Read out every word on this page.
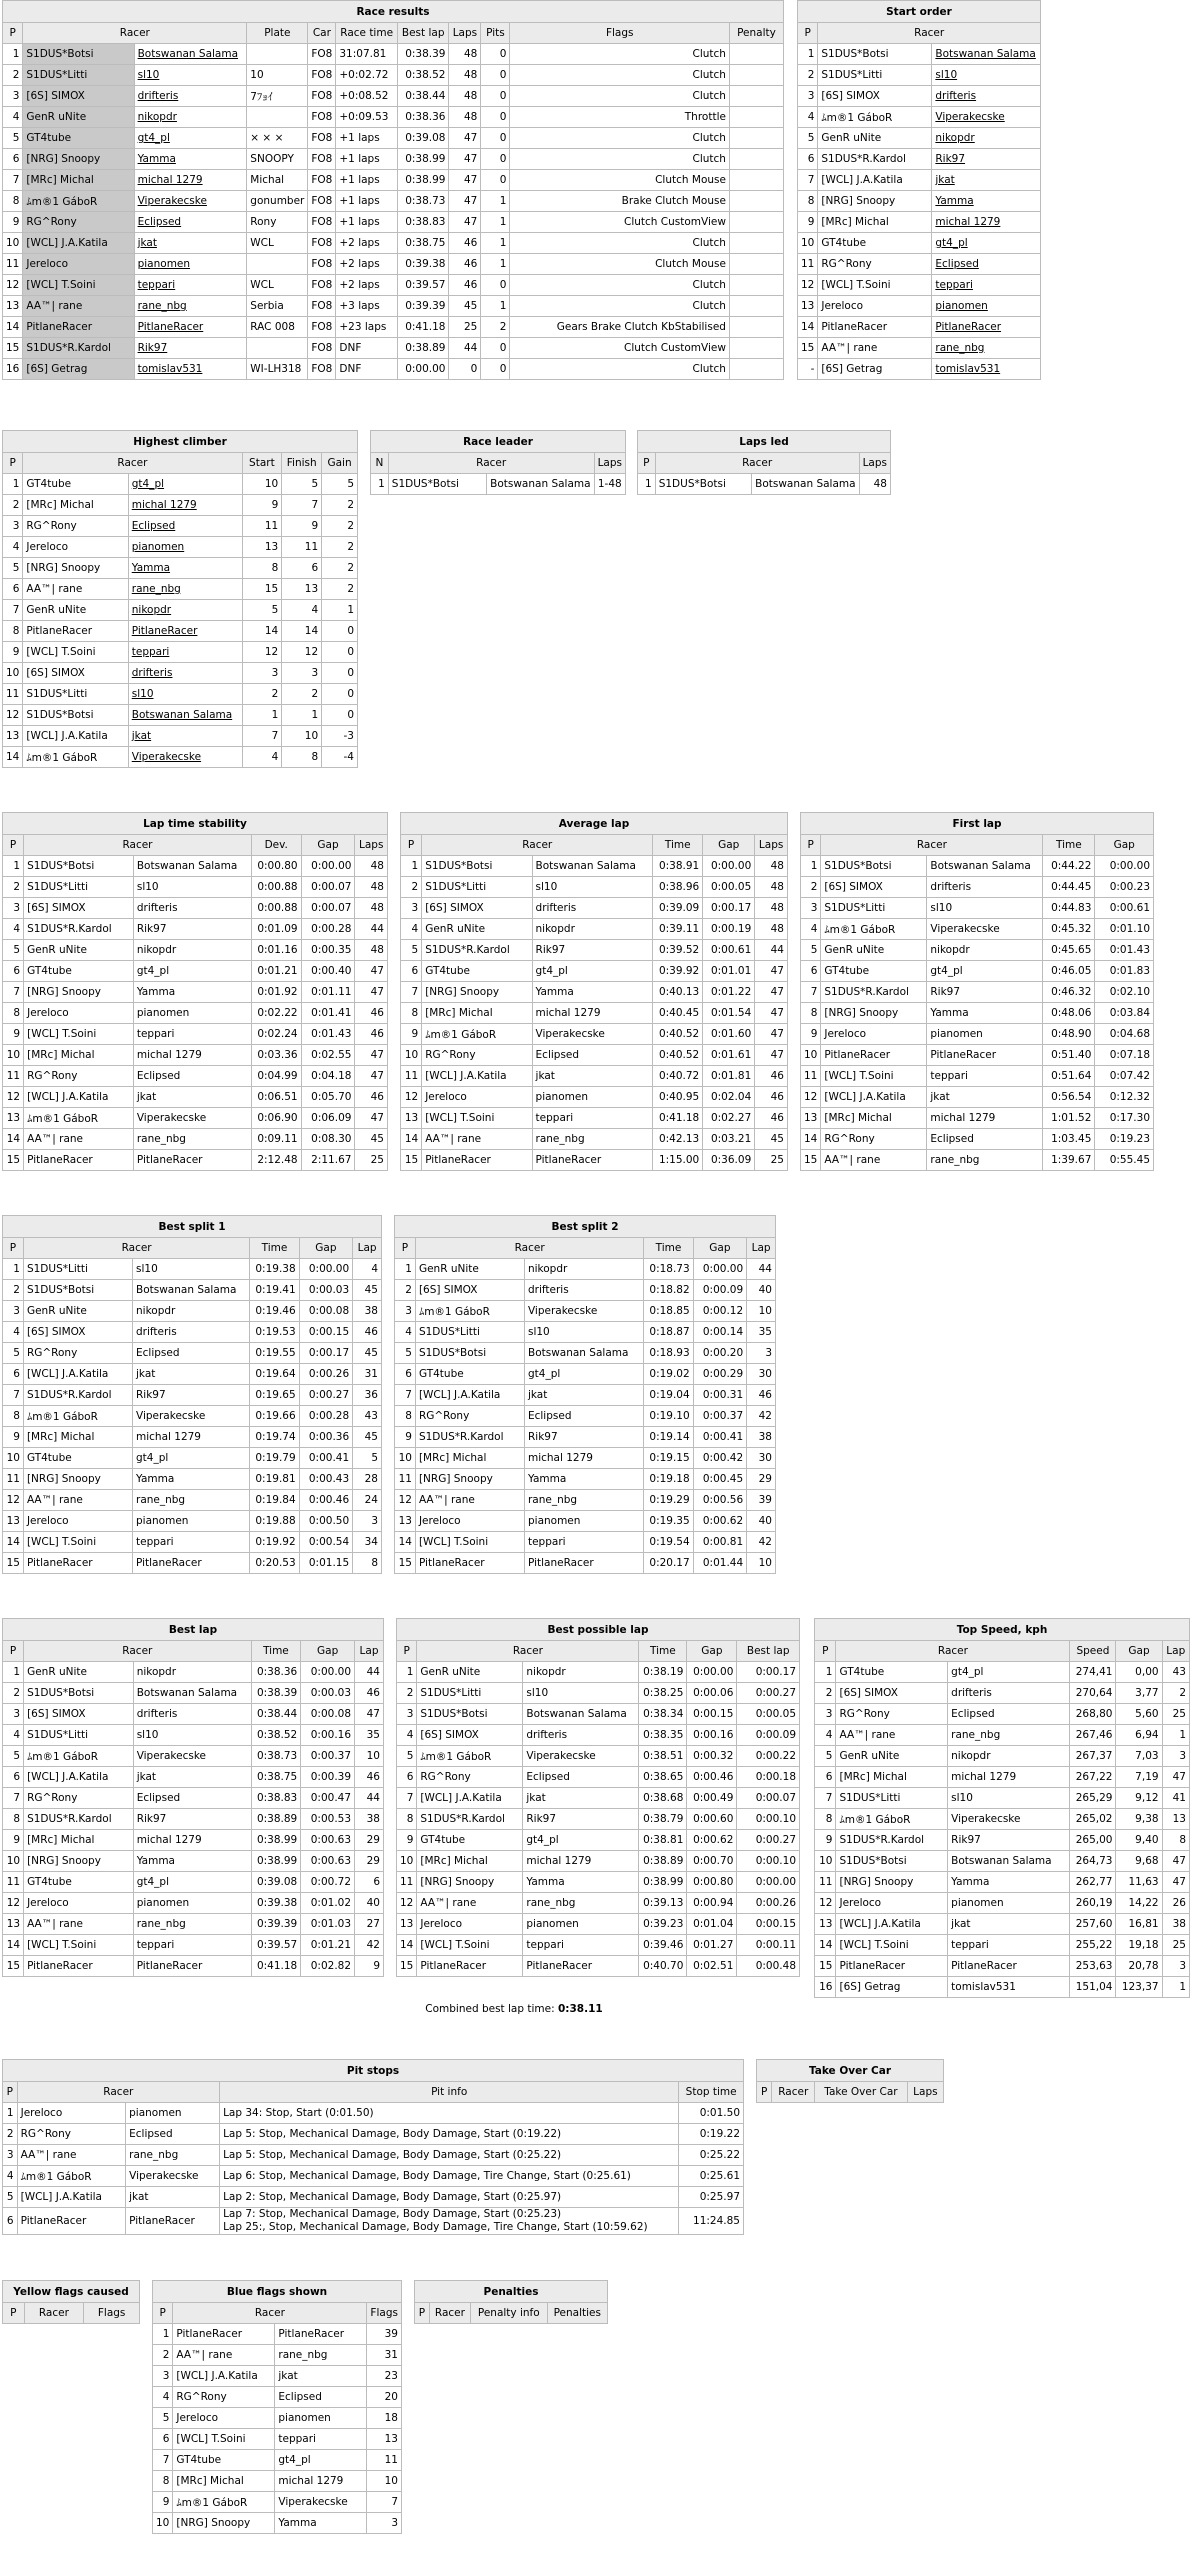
Race results										
P	Racer		Plate	Car	Race time	Best lap	Laps	Pits	Flags	Penalty
1	S1DUS*Botsi	Botswanan Salama		FO8	31:07.81	0:38.39	48	0	Clutch	
2	S1DUS*Litti	sl10	10	FO8	+0:02.72	0:38.52	48	0	Clutch	
3	[6S] SIMOX	drifteris	7ﾌｮｲ	FO8	+0:08.52	0:38.44	48	0	Clutch	
4	GenR uNite	nikopdr		FO8	+0:09.53	0:38.36	48	0	Throttle	
5	GT4tube	gt4_pl	× × ×	FO8	+1 laps	0:39.08	47	0	Clutch	
6	[NRG] Snoopy	Yamma	SNOOPY	FO8	+1 laps	0:38.99	47	0	Clutch	
7	[MRc] Michal	michal 1279	Michal	FO8	+1 laps	0:38.99	47	0	Clutch Mouse	
8	ﾑm®1 GáboR	Viperakecske	gonumber	FO8	+1 laps	0:38.73	47	1	Brake Clutch Mouse	
9	RG^Rony	Eclipsed	Rony	FO8	+1 laps	0:38.83	47	1	Clutch CustomView	
10	[WCL] J.A.Katila	jkat	WCL	FO8	+2 laps	0:38.75	46	1	Clutch	
11	Jereloco	pianomen		FO8	+2 laps	0:39.38	46	1	Clutch Mouse	
12	[WCL] T.Soini	teppari	WCL	FO8	+2 laps	0:39.57	46	0	Clutch	
13	AA™| rane	rane_nbg	Serbia	FO8	+3 laps	0:39.39	45	1	Clutch	
14	PitlaneRacer	PitlaneRacer	RAC 008	FO8	+23 laps	0:41.18	25	2	Gears Brake Clutch KbStabilised	
15	S1DUS*R.Kardol	Rik97		FO8	DNF	0:38.89	44	0	Clutch CustomView	
16	[6S] Getrag	tomislav531	WI-LH318	FO8	DNF	0:00.00	0	0	Clutch	
Start order		
P	Racer	
1	S1DUS*Botsi	Botswanan Salama
2	S1DUS*Litti	sl10
3	[6S] SIMOX	drifteris
4	ﾑm®1 GáboR	Viperakecske
5	GenR uNite	nikopdr
6	S1DUS*R.Kardol	Rik97
7	[WCL] J.A.Katila	jkat
8	[NRG] Snoopy	Yamma
9	[MRc] Michal	michal 1279
10	GT4tube	gt4_pl
11	RG^Rony	Eclipsed
12	[WCL] T.Soini	teppari
13	Jereloco	pianomen
14	PitlaneRacer	PitlaneRacer
15	AA™| rane	rane_nbg
-	[6S] Getrag	tomislav531
Highest climber					
P	Racer		Start	Finish	Gain
1	GT4tube	gt4_pl	10	5	5
2	[MRc] Michal	michal 1279	9	7	2
3	RG^Rony	Eclipsed	11	9	2
4	Jereloco	pianomen	13	11	2
5	[NRG] Snoopy	Yamma	8	6	2
6	AA™| rane	rane_nbg	15	13	2
7	GenR uNite	nikopdr	5	4	1
8	PitlaneRacer	PitlaneRacer	14	14	0
9	[WCL] T.Soini	teppari	12	12	0
10	[6S] SIMOX	drifteris	3	3	0
11	S1DUS*Litti	sl10	2	2	0
12	S1DUS*Botsi	Botswanan Salama	1	1	0
13	[WCL] J.A.Katila	jkat	7	10	-3
14	ﾑm®1 GáboR	Viperakecske	4	8	-4
Race leader			
N	Racer		Laps
1	S1DUS*Botsi	Botswanan Salama	1-48
Laps led			
P	Racer		Laps
1	S1DUS*Botsi	Botswanan Salama	48
Lap time stability					
P	Racer		Dev.	Gap	Laps
1	S1DUS*Botsi	Botswanan Salama	0:00.80	0:00.00	48
2	S1DUS*Litti	sl10	0:00.88	0:00.07	48
3	[6S] SIMOX	drifteris	0:00.88	0:00.07	48
4	S1DUS*R.Kardol	Rik97	0:01.09	0:00.28	44
5	GenR uNite	nikopdr	0:01.16	0:00.35	48
6	GT4tube	gt4_pl	0:01.21	0:00.40	47
7	[NRG] Snoopy	Yamma	0:01.92	0:01.11	47
8	Jereloco	pianomen	0:02.22	0:01.41	46
9	[WCL] T.Soini	teppari	0:02.24	0:01.43	46
10	[MRc] Michal	michal 1279	0:03.36	0:02.55	47
11	RG^Rony	Eclipsed	0:04.99	0:04.18	47
12	[WCL] J.A.Katila	jkat	0:06.51	0:05.70	46
13	ﾑm®1 GáboR	Viperakecske	0:06.90	0:06.09	47
14	AA™| rane	rane_nbg	0:09.11	0:08.30	45
15	PitlaneRacer	PitlaneRacer	2:12.48	2:11.67	25
Average lap					
P	Racer		Time	Gap	Laps
1	S1DUS*Botsi	Botswanan Salama	0:38.91	0:00.00	48
2	S1DUS*Litti	sl10	0:38.96	0:00.05	48
3	[6S] SIMOX	drifteris	0:39.09	0:00.17	48
4	GenR uNite	nikopdr	0:39.11	0:00.19	48
5	S1DUS*R.Kardol	Rik97	0:39.52	0:00.61	44
6	GT4tube	gt4_pl	0:39.92	0:01.01	47
7	[NRG] Snoopy	Yamma	0:40.13	0:01.22	47
8	[MRc] Michal	michal 1279	0:40.45	0:01.54	47
9	ﾑm®1 GáboR	Viperakecske	0:40.52	0:01.60	47
10	RG^Rony	Eclipsed	0:40.52	0:01.61	47
11	[WCL] J.A.Katila	jkat	0:40.72	0:01.81	46
12	Jereloco	pianomen	0:40.95	0:02.04	46
13	[WCL] T.Soini	teppari	0:41.18	0:02.27	46
14	AA™| rane	rane_nbg	0:42.13	0:03.21	45
15	PitlaneRacer	PitlaneRacer	1:15.00	0:36.09	25
First lap				
P	Racer		Time	Gap
1	S1DUS*Botsi	Botswanan Salama	0:44.22	0:00.00
2	[6S] SIMOX	drifteris	0:44.45	0:00.23
3	S1DUS*Litti	sl10	0:44.83	0:00.61
4	ﾑm®1 GáboR	Viperakecske	0:45.32	0:01.10
5	GenR uNite	nikopdr	0:45.65	0:01.43
6	GT4tube	gt4_pl	0:46.05	0:01.83
7	S1DUS*R.Kardol	Rik97	0:46.32	0:02.10
8	[NRG] Snoopy	Yamma	0:48.06	0:03.84
9	Jereloco	pianomen	0:48.90	0:04.68
10	PitlaneRacer	PitlaneRacer	0:51.40	0:07.18
11	[WCL] T.Soini	teppari	0:51.64	0:07.42
12	[WCL] J.A.Katila	jkat	0:56.54	0:12.32
13	[MRc] Michal	michal 1279	1:01.52	0:17.30
14	RG^Rony	Eclipsed	1:03.45	0:19.23
15	AA™| rane	rane_nbg	1:39.67	0:55.45
Best split 1					
P	Racer		Time	Gap	Lap
1	S1DUS*Litti	sl10	0:19.38	0:00.00	4
2	S1DUS*Botsi	Botswanan Salama	0:19.41	0:00.03	45
3	GenR uNite	nikopdr	0:19.46	0:00.08	38
4	[6S] SIMOX	drifteris	0:19.53	0:00.15	46
5	RG^Rony	Eclipsed	0:19.55	0:00.17	45
6	[WCL] J.A.Katila	jkat	0:19.64	0:00.26	31
7	S1DUS*R.Kardol	Rik97	0:19.65	0:00.27	36
8	ﾑm®1 GáboR	Viperakecske	0:19.66	0:00.28	43
9	[MRc] Michal	michal 1279	0:19.74	0:00.36	45
10	GT4tube	gt4_pl	0:19.79	0:00.41	5
11	[NRG] Snoopy	Yamma	0:19.81	0:00.43	28
12	AA™| rane	rane_nbg	0:19.84	0:00.46	24
13	Jereloco	pianomen	0:19.88	0:00.50	3
14	[WCL] T.Soini	teppari	0:19.92	0:00.54	34
15	PitlaneRacer	PitlaneRacer	0:20.53	0:01.15	8
Best split 2					
P	Racer		Time	Gap	Lap
1	GenR uNite	nikopdr	0:18.73	0:00.00	44
2	[6S] SIMOX	drifteris	0:18.82	0:00.09	40
3	ﾑm®1 GáboR	Viperakecske	0:18.85	0:00.12	10
4	S1DUS*Litti	sl10	0:18.87	0:00.14	35
5	S1DUS*Botsi	Botswanan Salama	0:18.93	0:00.20	3
6	GT4tube	gt4_pl	0:19.02	0:00.29	30
7	[WCL] J.A.Katila	jkat	0:19.04	0:00.31	46
8	RG^Rony	Eclipsed	0:19.10	0:00.37	42
9	S1DUS*R.Kardol	Rik97	0:19.14	0:00.41	38
10	[MRc] Michal	michal 1279	0:19.15	0:00.42	30
11	[NRG] Snoopy	Yamma	0:19.18	0:00.45	29
12	AA™| rane	rane_nbg	0:19.29	0:00.56	39
13	Jereloco	pianomen	0:19.35	0:00.62	40
14	[WCL] T.Soini	teppari	0:19.54	0:00.81	42
15	PitlaneRacer	PitlaneRacer	0:20.17	0:01.44	10
Best lap					
P	Racer		Time	Gap	Lap
1	GenR uNite	nikopdr	0:38.36	0:00.00	44
2	S1DUS*Botsi	Botswanan Salama	0:38.39	0:00.03	46
3	[6S] SIMOX	drifteris	0:38.44	0:00.08	47
4	S1DUS*Litti	sl10	0:38.52	0:00.16	35
5	ﾑm®1 GáboR	Viperakecske	0:38.73	0:00.37	10
6	[WCL] J.A.Katila	jkat	0:38.75	0:00.39	46
7	RG^Rony	Eclipsed	0:38.83	0:00.47	44
8	S1DUS*R.Kardol	Rik97	0:38.89	0:00.53	38
9	[MRc] Michal	michal 1279	0:38.99	0:00.63	29
10	[NRG] Snoopy	Yamma	0:38.99	0:00.63	29
11	GT4tube	gt4_pl	0:39.08	0:00.72	6
12	Jereloco	pianomen	0:39.38	0:01.02	40
13	AA™| rane	rane_nbg	0:39.39	0:01.03	27
14	[WCL] T.Soini	teppari	0:39.57	0:01.21	42
15	PitlaneRacer	PitlaneRacer	0:41.18	0:02.82	9
Best possible lap					
P	Racer		Time	Gap	Best lap
1	GenR uNite	nikopdr	0:38.19	0:00.00	0:00.17
2	S1DUS*Litti	sl10	0:38.25	0:00.06	0:00.27
3	S1DUS*Botsi	Botswanan Salama	0:38.34	0:00.15	0:00.05
4	[6S] SIMOX	drifteris	0:38.35	0:00.16	0:00.09
5	ﾑm®1 GáboR	Viperakecske	0:38.51	0:00.32	0:00.22
6	RG^Rony	Eclipsed	0:38.65	0:00.46	0:00.18
7	[WCL] J.A.Katila	jkat	0:38.68	0:00.49	0:00.07
8	S1DUS*R.Kardol	Rik97	0:38.79	0:00.60	0:00.10
9	GT4tube	gt4_pl	0:38.81	0:00.62	0:00.27
10	[MRc] Michal	michal 1279	0:38.89	0:00.70	0:00.10
11	[NRG] Snoopy	Yamma	0:38.99	0:00.80	0:00.00
12	AA™| rane	rane_nbg	0:39.13	0:00.94	0:00.26
13	Jereloco	pianomen	0:39.23	0:01.04	0:00.15
14	[WCL] T.Soini	teppari	0:39.46	0:01.27	0:00.11
15	PitlaneRacer	PitlaneRacer	0:40.70	0:02.51	0:00.48
Combined best lap time: 0:38.11
Top Speed, kph					
P	Racer		Speed	Gap	Lap
1	GT4tube	gt4_pl	274,41	0,00	43
2	[6S] SIMOX	drifteris	270,64	3,77	2
3	RG^Rony	Eclipsed	268,80	5,60	25
4	AA™| rane	rane_nbg	267,46	6,94	1
5	GenR uNite	nikopdr	267,37	7,03	3
6	[MRc] Michal	michal 1279	267,22	7,19	47
7	S1DUS*Litti	sl10	265,29	9,12	41
8	ﾑm®1 GáboR	Viperakecske	265,02	9,38	13
9	S1DUS*R.Kardol	Rik97	265,00	9,40	8
10	S1DUS*Botsi	Botswanan Salama	264,73	9,68	47
11	[NRG] Snoopy	Yamma	262,77	11,63	47
12	Jereloco	pianomen	260,19	14,22	26
13	[WCL] J.A.Katila	jkat	257,60	16,81	38
14	[WCL] T.Soini	teppari	255,22	19,18	25
15	PitlaneRacer	PitlaneRacer	253,63	20,78	3
16	[6S] Getrag	tomislav531	151,04	123,37	1
Pit stops				
P	Racer		Pit info	Stop time
1	Jereloco	pianomen	Lap 34: Stop, Start (0:01.50)	0:01.50
2	RG^Rony	Eclipsed	Lap 5: Stop, Mechanical Damage, Body Damage, Start (0:19.22)	0:19.22
3	AA™| rane	rane_nbg	Lap 5: Stop, Mechanical Damage, Body Damage, Start (0:25.22)	0:25.22
4	ﾑm®1 GáboR	Viperakecske	Lap 6: Stop, Mechanical Damage, Body Damage, Tire Change, Start (0:25.61)	0:25.61
5	[WCL] J.A.Katila	jkat	Lap 2: Stop, Mechanical Damage, Body Damage, Start (0:25.97)	0:25.97
6	PitlaneRacer	PitlaneRacer	Lap 7: Stop, Mechanical Damage, Body Damage, Start (0:25.23)
Lap 25:, Stop, Mechanical Damage, Body Damage, Tire Change, Start (10:59.62)	11:24.85
Take Over Car
P	Racer	Take Over Car	Laps
Yellow flags caused
P	Racer	Flags
Blue flags shown			
P	Racer		Flags
1	PitlaneRacer	PitlaneRacer	39
2	AA™| rane	rane_nbg	31
3	[WCL] J.A.Katila	jkat	23
4	RG^Rony	Eclipsed	20
5	Jereloco	pianomen	18
6	[WCL] T.Soini	teppari	13
7	GT4tube	gt4_pl	11
8	[MRc] Michal	michal 1279	10
9	ﾑm®1 GáboR	Viperakecske	7
10	[NRG] Snoopy	Yamma	3
Penalties
P	Racer	Penalty info	Penalties
